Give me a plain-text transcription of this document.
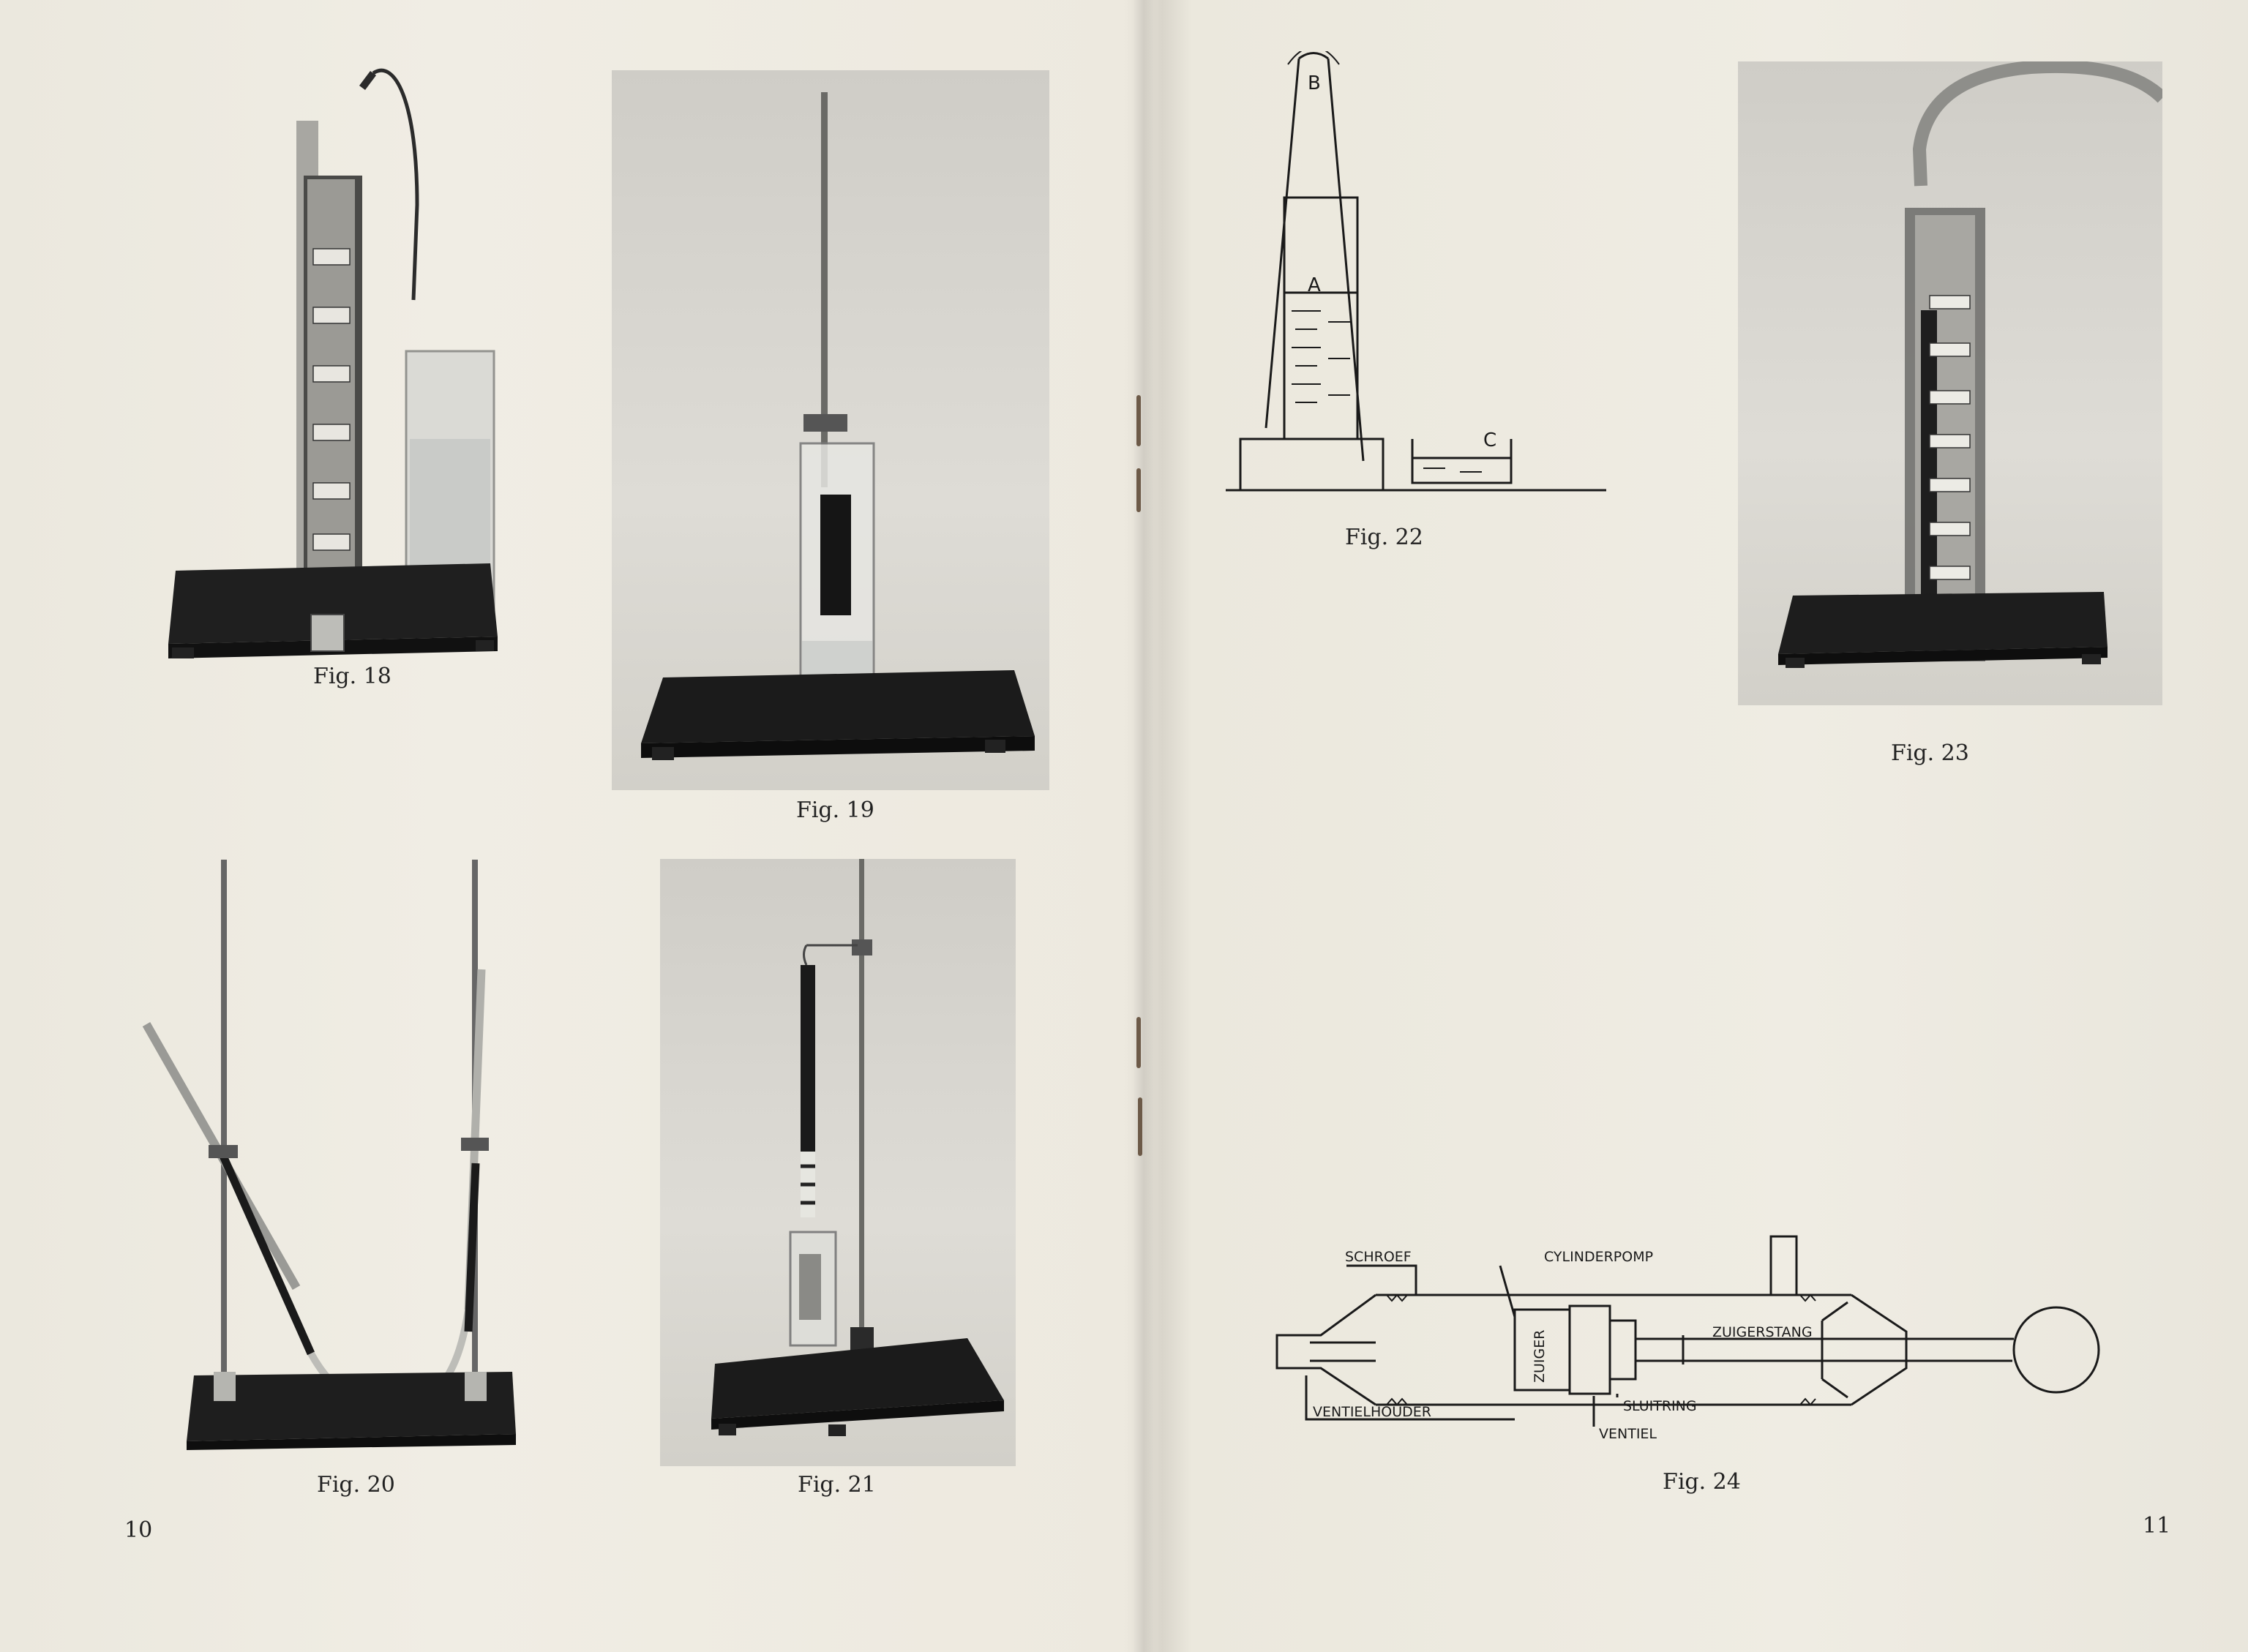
Fig. 18
Fig. 19
Fig. 20	Fig. 21
10
A
B
C
Fig. 22
Fig. 23
SCHROEF	CYLINDERPOMP
ZUIGER	ZUIGERSTANG
VENTIELHOUDER	SLUITRING
VENTIEL
Fig. 24
11
